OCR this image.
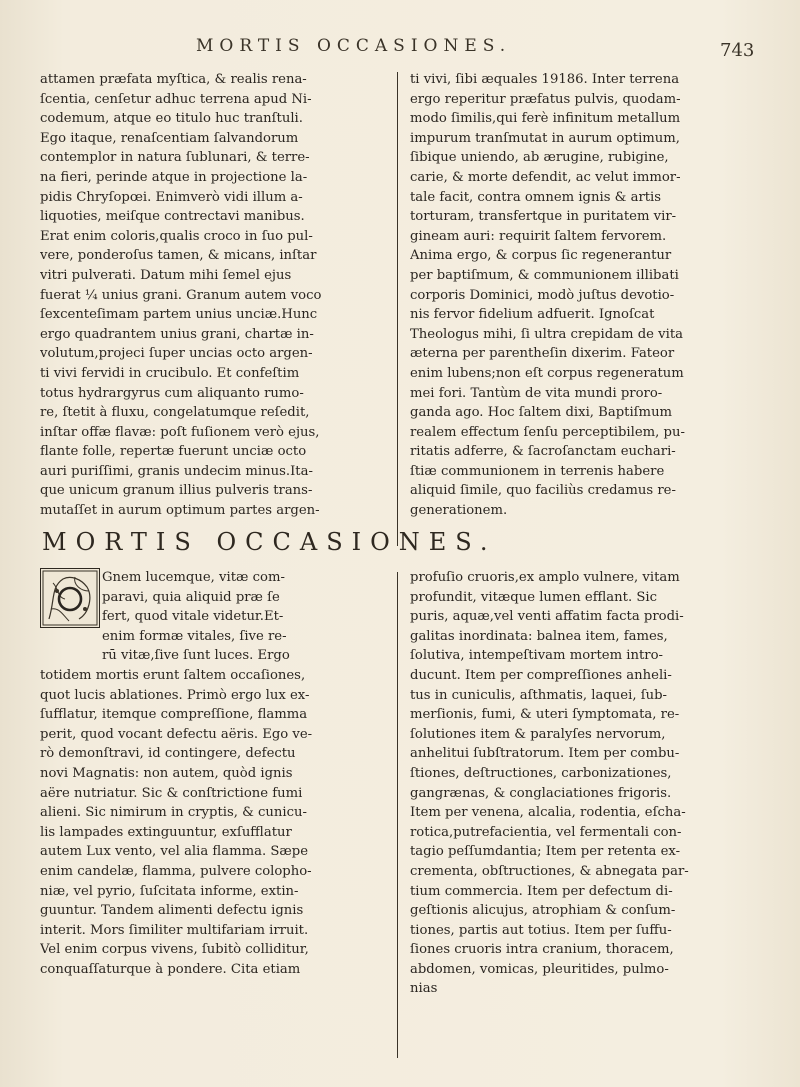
MORTIS OCCASIONES.	743
attamen præfata myſtica, & realis rena-
ſcentia, cenſetur adhuc terrena apud Ni-
codemum, atque eo titulo huc tranſtuli.
Ego itaque, renaſcentiam ſalvandorum
contemplor in natura ſublunari, & terre-
na fieri, perinde atque in projectione la-
pidis Chryſopœi. Enimverò vidi illum a-
liquoties, meiſque contrectavi manibus.
Erat enim coloris,qualis croco in ſuo pul-
vere, ponderoſus tamen, & micans, inſtar
vitri pulverati. Datum mihi ſemel ejus
fuerat ¼ unius grani. Granum autem voco
ſexcenteſimam partem unius unciæ.Hunc
ergo quadrantem unius grani, chartæ in-
volutum,projeci ſuper uncias octo argen-
ti vivi fervidi in crucibulo. Et confeſtim
totus hydrargyrus cum aliquanto rumo-
re, ſtetit à fluxu, congelatumque reſedit,
inſtar offæ flavæ: poſt fuſionem verò ejus,
flante folle, repertæ fuerunt unciæ octo
auri puriſſimi, granis undecim minus.Ita-
que unicum granum illius pulveris trans-
mutaſſet in aurum optimum partes argen-
ti vivi, ſibi æquales 19186. Inter terrena
ergo reperitur præfatus pulvis, quodam-
modo ſimilis,qui ferè infinitum metallum
impurum tranſmutat in aurum optimum,
ſibique uniendo, ab ærugine, rubigine,
carie, & morte defendit, ac velut immor-
tale facit, contra omnem ignis & artis
torturam, transfertque in puritatem vir-
gineam auri: requirit ſaltem fervorem.
Anima ergo, & corpus ſic regenerantur
per baptiſmum, & communionem illibati
corporis Dominici, modò juſtus devotio-
nis fervor fidelium adfuerit. Ignoſcat
Theologus mihi, ſi ultra crepidam de vita
æterna per parentheſin dixerim. Fateor
enim lubens;non eſt corpus regeneratum
mei fori. Tantùm de vita mundi proro-
ganda ago. Hoc ſaltem dixi, Baptiſmum
realem effectum ſenſu perceptibilem, pu-
ritatis adferre, & ſacroſanctam euchari-
ſtiæ communionem in terrenis habere
aliquid ſimile, quo faciliùs credamus re-
generationem.
MORTIS OCCASIONES.
Gnem lucemque, vitæ com-
paravi, quia aliquid præ ſe
fert, quod vitale videtur.Et-
enim formæ vitales, ſive re-
rū vitæ,ſive ſunt luces. Ergo
totidem mortis erunt ſaltem occaſiones,
quot lucis ablationes. Primò ergo lux ex-
ſufflatur, itemque compreſſione, flamma
perit, quod vocant defectu aëris. Ego ve-
rò demonſtravi, id contingere, defectu
novi Magnatis: non autem, quòd ignis
aëre nutriatur. Sic & conſtrictione fumi
alieni. Sic nimirum in cryptis, & cunicu-
lis lampades extinguuntur, exſufflatur
autem Lux vento, vel alia flamma. Sæpe
enim candelæ, flamma, pulvere colopho-
niæ, vel pyrio, ſuſcitata informe, extin-
guuntur. Tandem alimenti defectu ignis
interit. Mors ſimiliter multifariam irruit.
Vel enim corpus vivens, ſubitò colliditur,
conquaſſaturque à pondere. Cita etiam
profuſio cruoris,ex amplo vulnere, vitam
profundit, vitæque lumen efflant. Sic
puris, aquæ,vel venti affatim facta prodi-
galitas inordinata: balnea item, fames,
ſolutiva, intempeſtivam mortem intro-
ducunt. Item per compreſſiones anheli-
tus in cuniculis, aſthmatis, laquei, ſub-
merſionis, fumi, & uteri ſymptomata, re-
ſolutiones item & paralyſes nervorum,
anhelitui ſubſtratorum. Item per combu-
ſtiones, deſtructiones, carbonizationes,
gangrænas, & conglaciationes frigoris.
Item per venena, alcalia, rodentia, eſcha-
rotica,putrefacientia, vel fermentali con-
tagio peſſumdantia; Item per retenta ex-
crementa, obſtructiones, & abnegata par-
tium commercia. Item per defectum di-
geſtionis alicujus, atrophiam & conſum-
tiones, partis aut totius. Item per ſuffu-
ſiones cruoris intra cranium, thoracem,
abdomen, vomicas, pleuritides, pulmo-
nias
